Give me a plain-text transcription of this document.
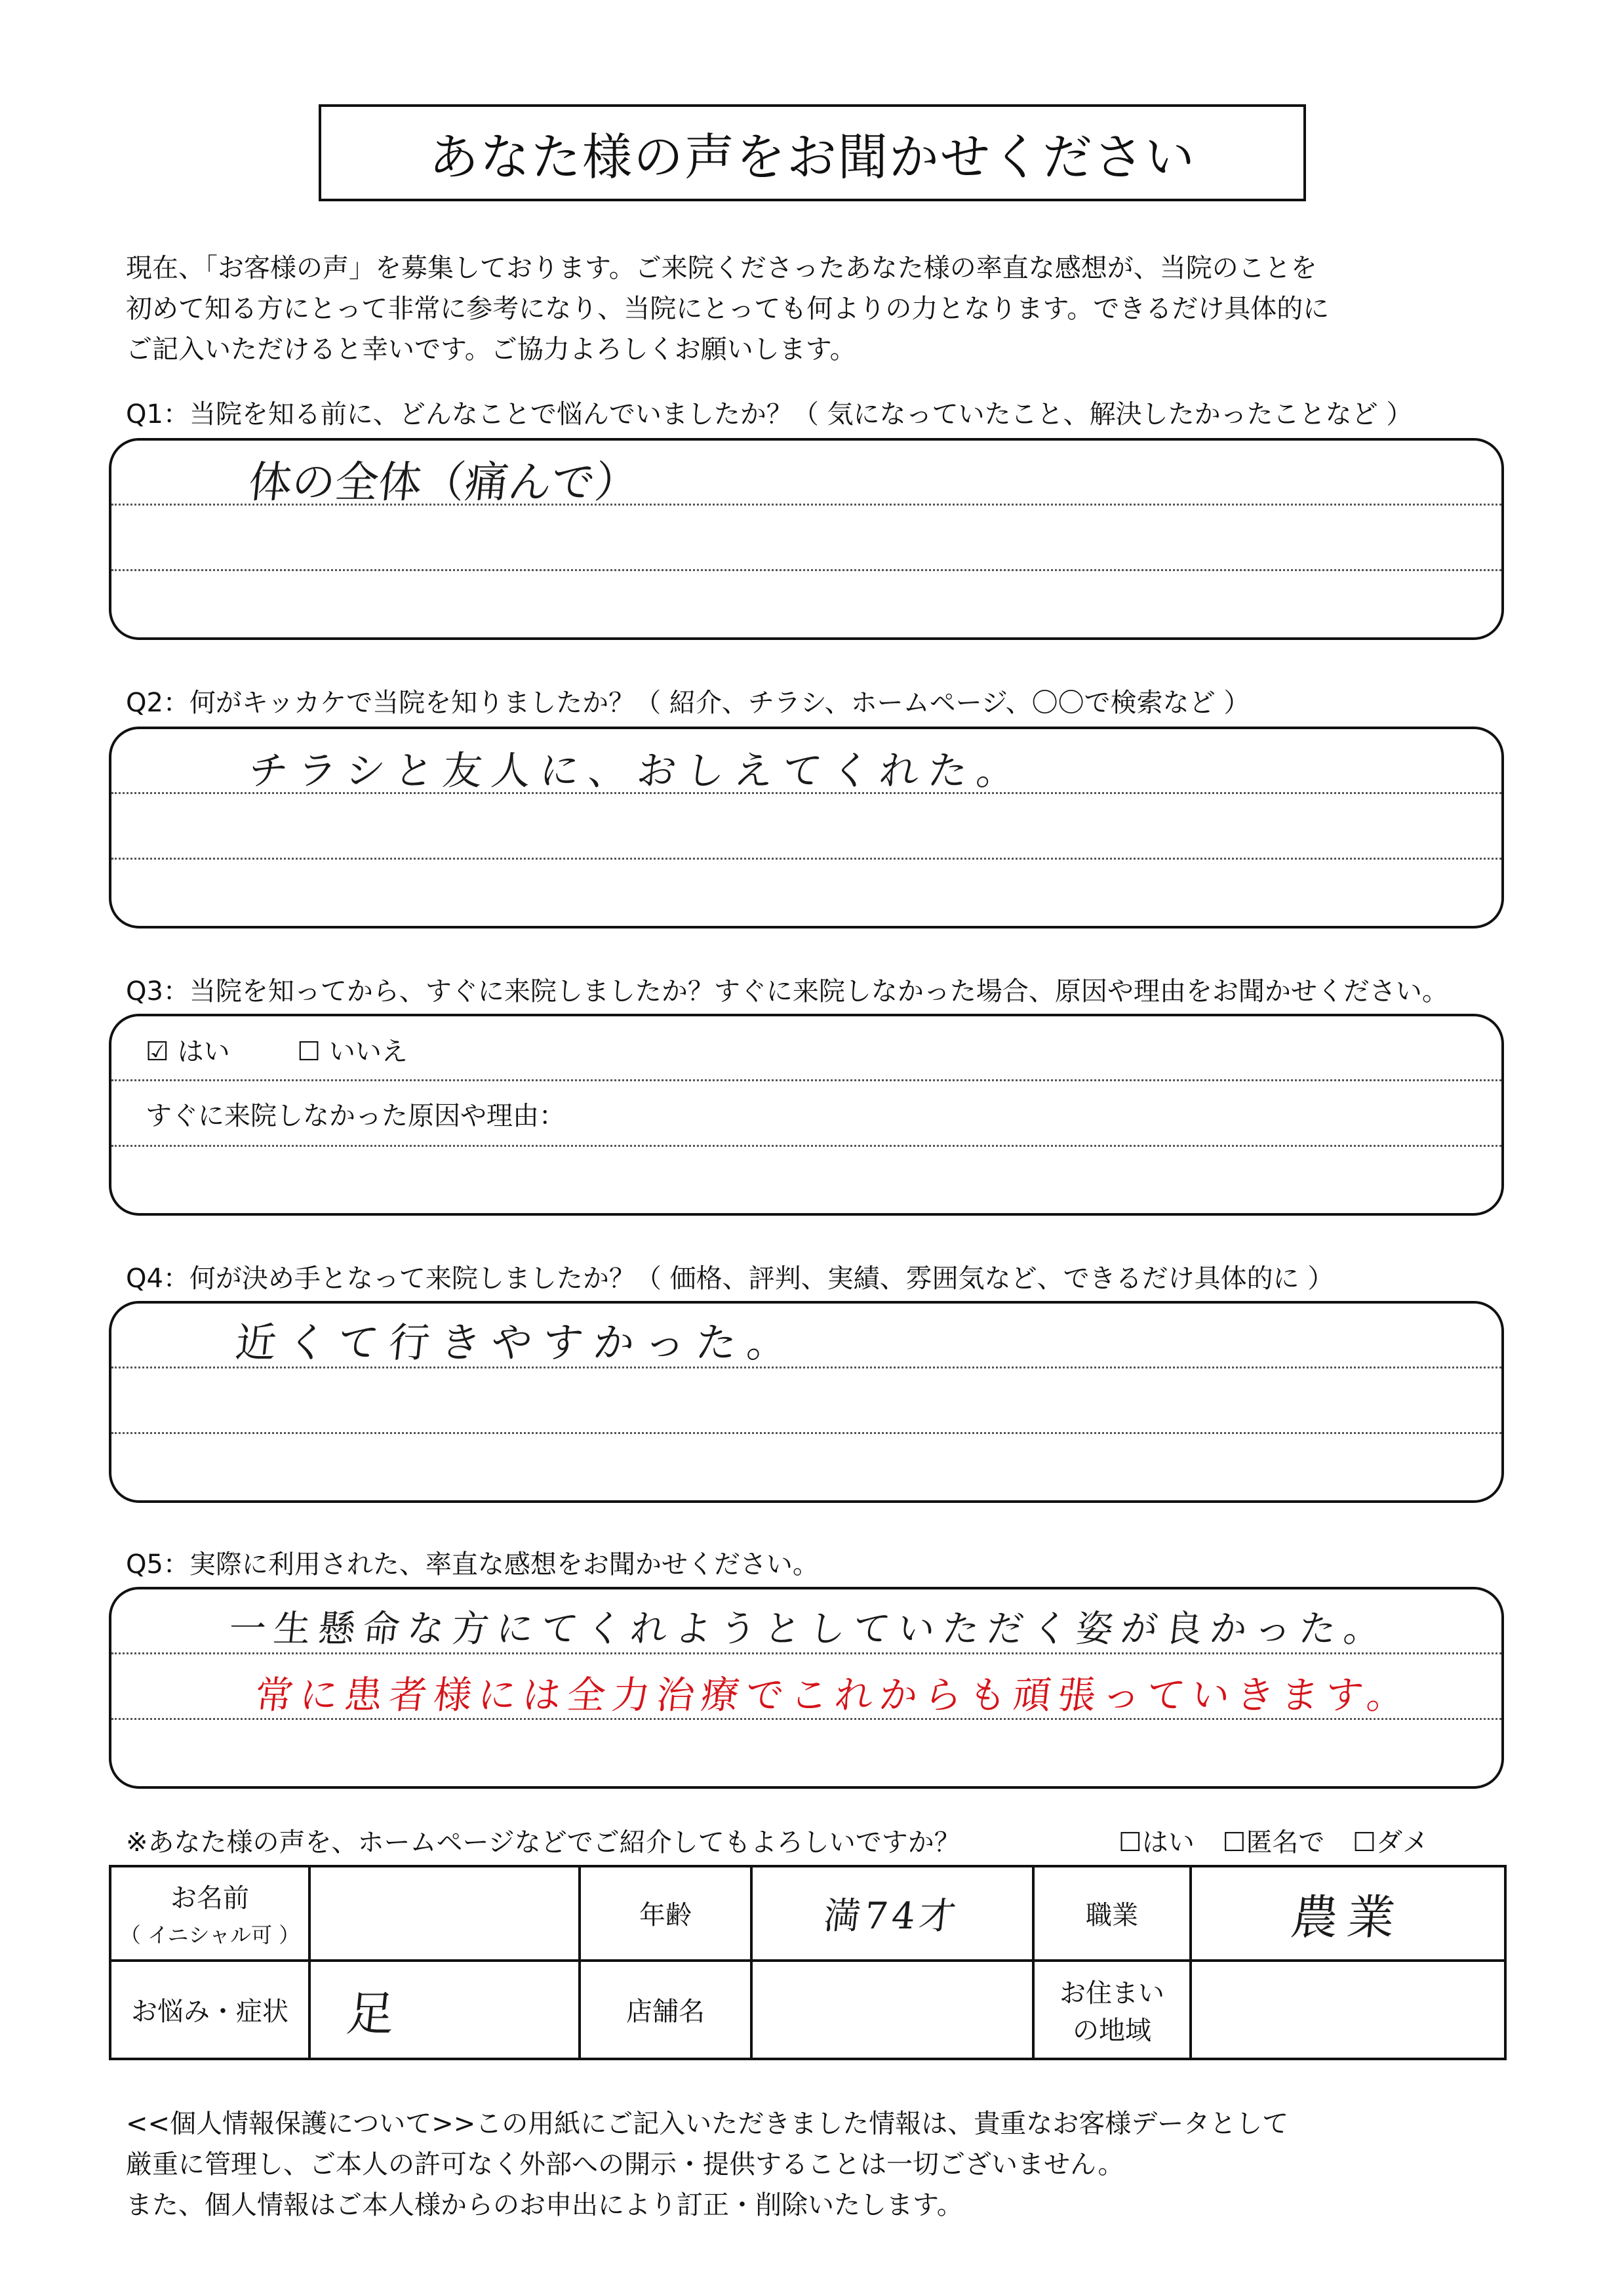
あなた様の声をお聞かせください
現在、「お客様の声」を募集しております。ご来院くださったあなた様の率直な感想が、当院のことを
初めて知る方にとって非常に参考になり、当院にとっても何よりの力となります。できるだけ具体的に
ご記入いただけると幸いです。ご協力よろしくお願いします。
Q1：当院を知る前に、どんなことで悩んでいましたか？（ 気になっていたこと、解決したかったことなど ）
体の全体（痛んで）
Q2：何がキッカケで当院を知りましたか？（ 紹介、チラシ、ホームページ、〇〇で検索など ）
チラシと友人に、おしえてくれた。
Q3：当院を知ってから、すぐに来院しましたか？すぐに来院しなかった場合、原因や理由をお聞かせください。
☑ はい	☐ いいえ
すぐに来院しなかった原因や理由：
Q4：何が決め手となって来院しましたか？（ 価格、評判、実績、雰囲気など、できるだけ具体的に ）
近くて行きやすかった。
Q5：実際に利用された、率直な感想をお聞かせください。
一生懸命な方にてくれようとしていただく姿が良かった。
常に患者様には全力治療でこれからも頑張っていきます。
※あなた様の声を、ホームページなどでご紹介してもよろしいですか？	☐はい ☐匿名で ☐ダメ
お名前
（ イニシャル可 ）		年齢	満74才	職業	農業
お悩み・症状	足	店舗名		お住まい
の地域	

<<個人情報保護について>>この用紙にご記入いただきました情報は、貴重なお客様データとして
厳重に管理し、ご本人の許可なく外部への開示・提供することは一切ございません。
また、個人情報はご本人様からのお申出により訂正・削除いたします。
